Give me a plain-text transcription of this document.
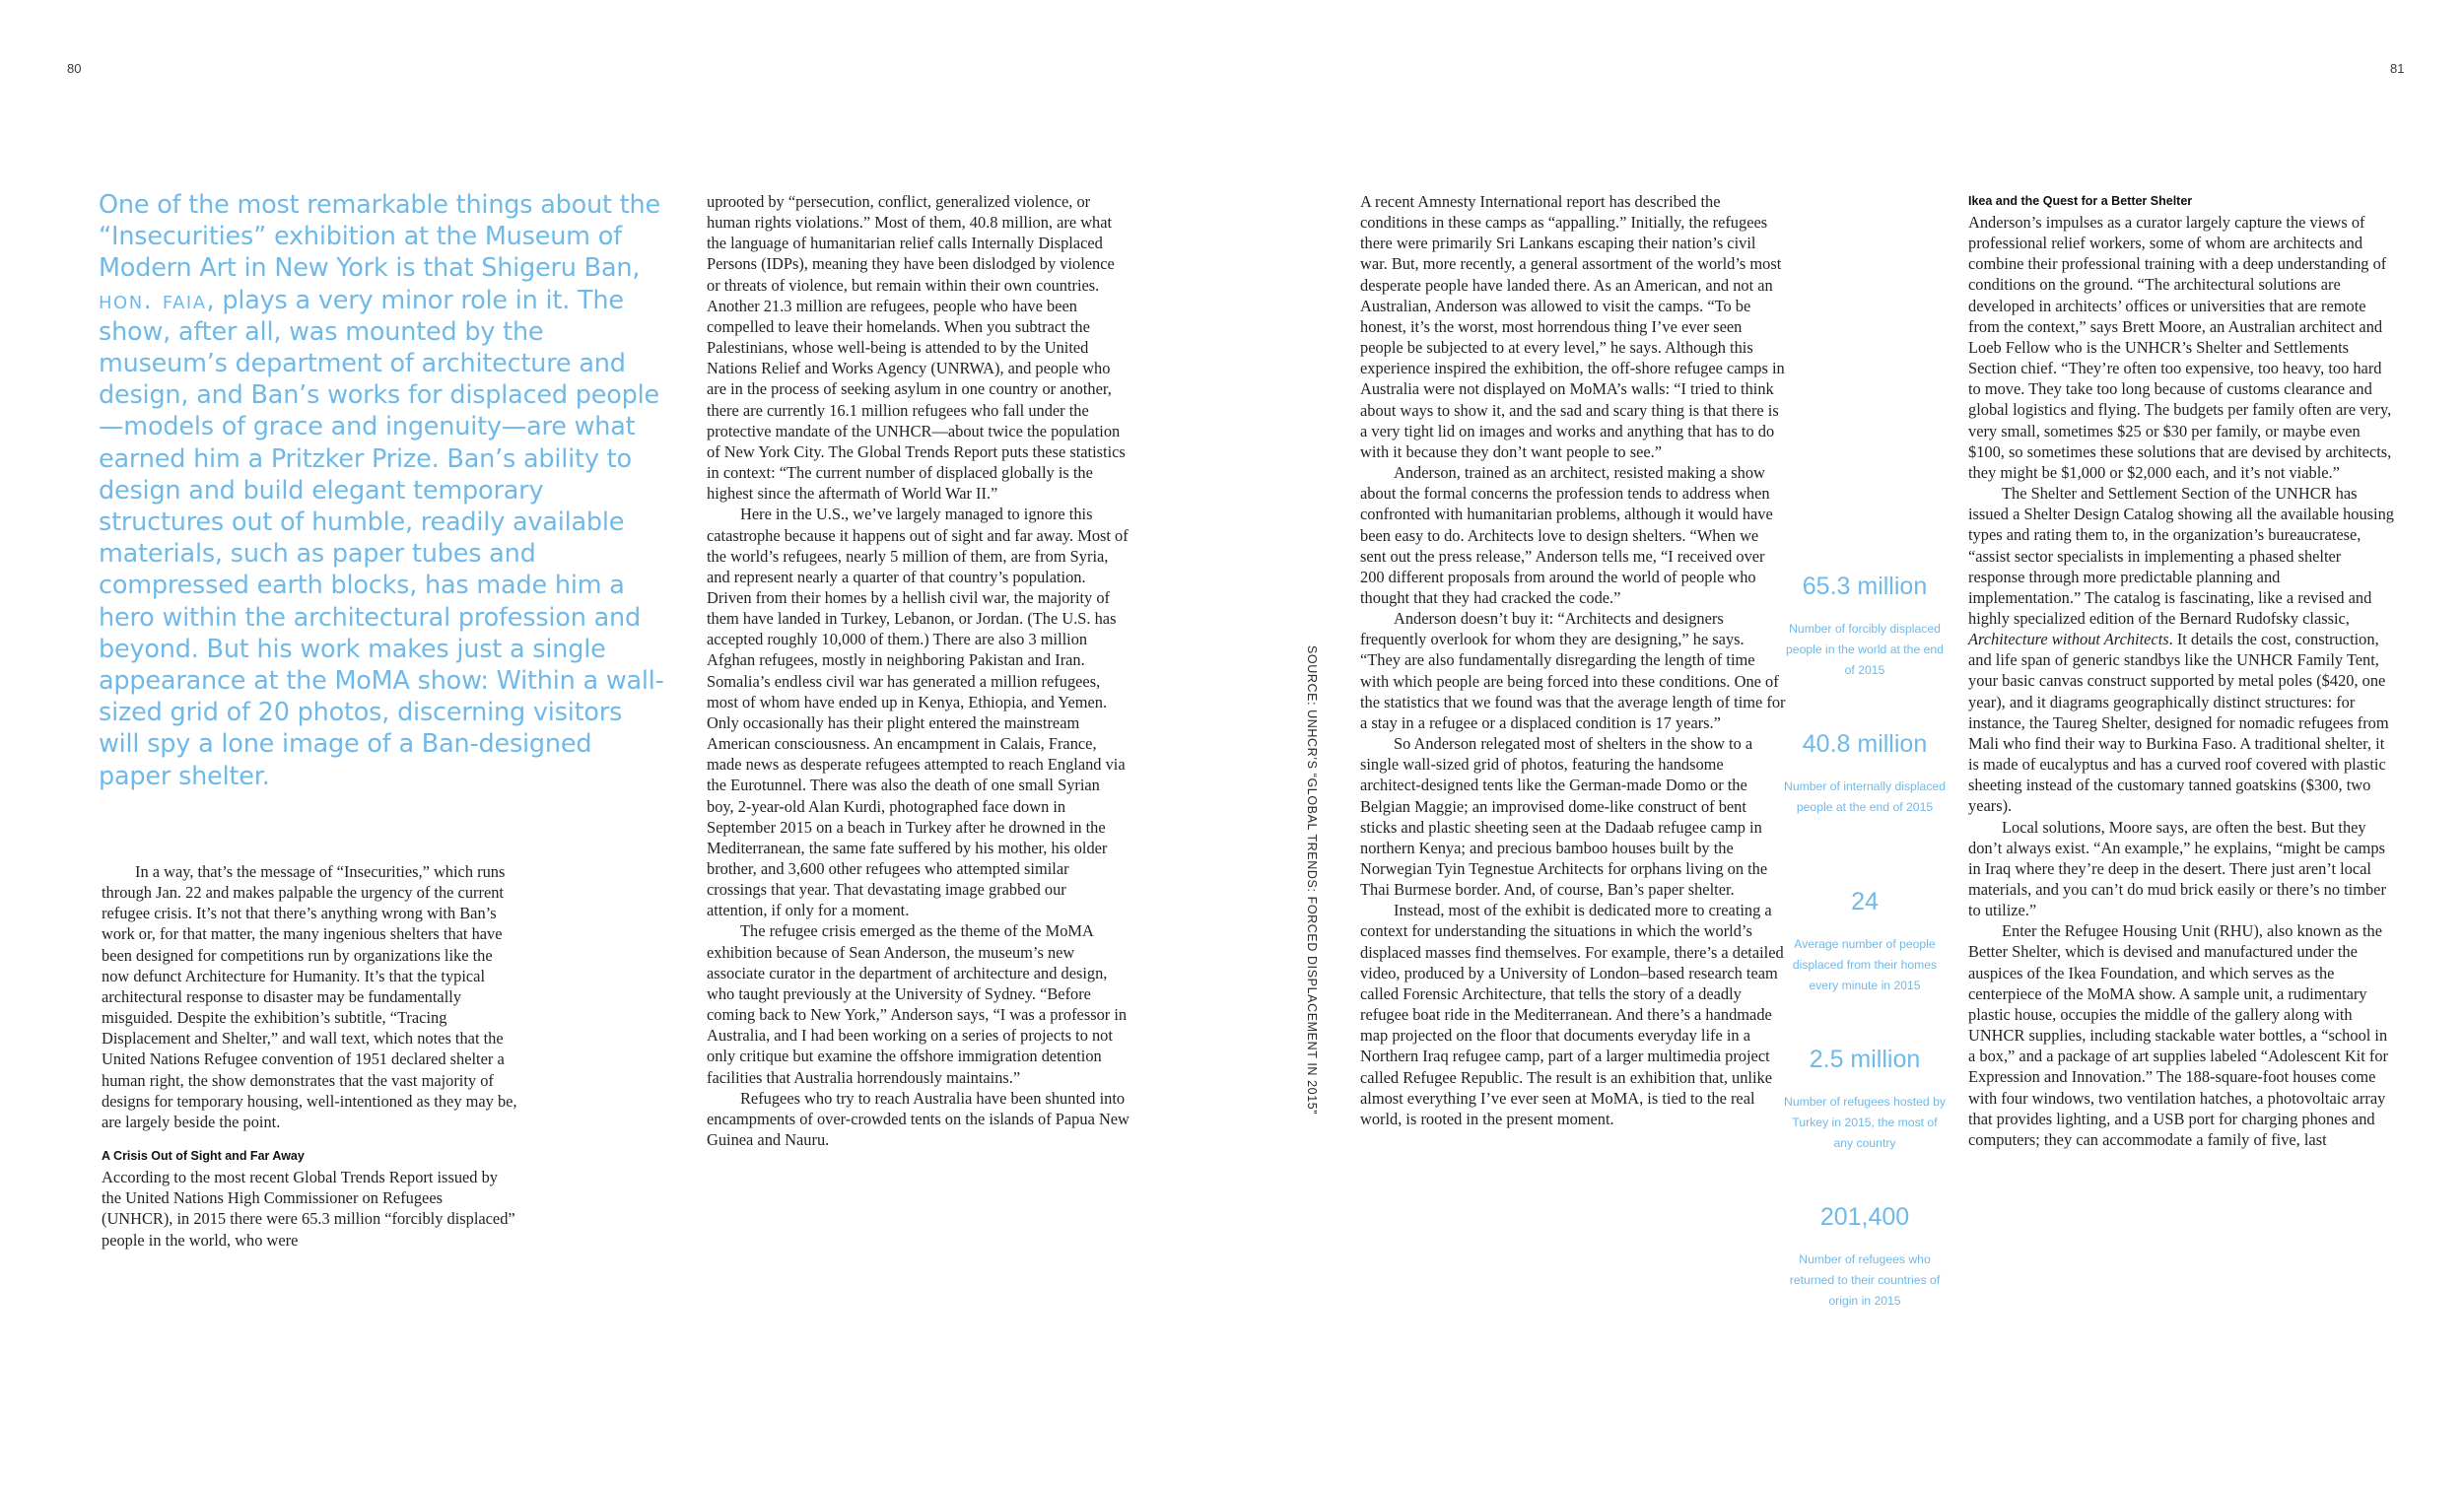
80	81
One of the most remarkable things about the “Insecurities” exhibition at the Museum of Modern Art in New York is that Shigeru Ban, hon. faia, plays a very minor role in it. The show, after all, was mounted by the museum’s department of architecture and design, and Ban’s works for displaced people—models of grace and ingenuity—are what earned him a Pritzker Prize. Ban’s ability to design and build elegant temporary structures out of humble, readily available materials, such as paper tubes and compressed earth blocks, has made him a hero within the architectural profession and beyond. But his work makes just a single appearance at the MoMA show: Within a wall-sized grid of 20 photos, discerning visitors will spy a lone image of a Ban-designed paper shelter.

In a way, that’s the message of “Insecurities,” which runs through Jan. 22 and makes palpable the urgency of the current refugee crisis. It’s not that there’s anything wrong with Ban’s work or, for that matter, the many ingenious shelters that have been designed for competitions run by organizations like the now defunct Architecture for Humanity. It’s that the typical architectural response to disaster may be fundamentally misguided. Despite the exhibition’s subtitle, “Tracing Displacement and Shelter,” and wall text, which notes that the United Nations Refugee convention of 1951 declared shelter a human right, the show demonstrates that the vast majority of designs for temporary housing, well-intentioned as they may be, are largely beside the point.

A Crisis Out of Sight and Far Away

According to the most recent Global Trends Report issued by the United Nations High Commissioner on Refugees (UNHCR), in 2015 there were 65.3 million “forcibly displaced” people in the world, who were

uprooted by “persecution, conflict, generalized violence, or human rights violations.” Most of them, 40.8 million, are what the language of humanitarian relief calls Internally Displaced Persons (IDPs), meaning they have been dislodged by violence or threats of violence, but remain within their own countries. Another 21.3 million are refugees, people who have been compelled to leave their homelands. When you subtract the Palestinians, whose well-being is attended to by the United Nations Relief and Works Agency (UNRWA), and people who are in the process of seeking asylum in one country or another, there are currently 16.1 million refugees who fall under the protective mandate of the UNHCR—about twice the population of New York City. The Global Trends Report puts these statistics in context: “The current number of displaced globally is the highest since the aftermath of World War II.”

Here in the U.S., we’ve largely managed to ignore this catastrophe because it happens out of sight and far away. Most of the world’s refugees, nearly 5 million of them, are from Syria, and represent nearly a quarter of that country’s population. Driven from their homes by a hellish civil war, the majority of them have landed in Turkey, Lebanon, or Jordan. (The U.S. has accepted roughly 10,000 of them.) There are also 3 million Afghan refugees, mostly in neighboring Pakistan and Iran. Somalia’s endless civil war has generated a million refugees, most of whom have ended up in Kenya, Ethiopia, and Yemen. Only occasionally has their plight entered the mainstream American consciousness. An encampment in Calais, France, made news as desperate refugees attempted to reach England via the Eurotunnel. There was also the death of one small Syrian boy, 2-year-old Alan Kurdi, photographed face down in September 2015 on a beach in Turkey after he drowned in the Mediterranean, the same fate suffered by his mother, his older brother, and 3,600 other refugees who attempted similar crossings that year. That devastating image grabbed our attention, if only for a moment.

The refugee crisis emerged as the theme of the MoMA exhibition because of Sean Anderson, the museum’s new associate curator in the department of architecture and design, who taught previously at the University of Sydney. “Before coming back to New York,” Anderson says, “I was a professor in Australia, and I had been working on a series of projects to not only critique but examine the offshore immigration detention facilities that Australia horrendously maintains.”

Refugees who try to reach Australia have been shunted into encampments of over-crowded tents on the islands of Papua New Guinea and Nauru.

SOURCE: UNHCR’S “GLOBAL TRENDS: FORCED DISPLACEMENT IN 2015”

A recent Amnesty International report has described the conditions in these camps as “appalling.” Initially, the refugees there were primarily Sri Lankans escaping their nation’s civil war. But, more recently, a general assortment of the world’s most desperate people have landed there. As an American, and not an Australian, Anderson was allowed to visit the camps. “To be honest, it’s the worst, most horrendous thing I’ve ever seen people be subjected to at every level,” he says. Although this experience inspired the exhibition, the off-shore refugee camps in Australia were not displayed on MoMA’s walls: “I tried to think about ways to show it, and the sad and scary thing is that there is a very tight lid on images and works and anything that has to do with it because they don’t want people to see.”

Anderson, trained as an architect, resisted making a show about the formal concerns the profession tends to address when confronted with humanitarian problems, although it would have been easy to do. Architects love to design shelters. “When we sent out the press release,” Anderson tells me, “I received over 200 different proposals from around the world of people who thought that they had cracked the code.”

Anderson doesn’t buy it: “Architects and designers frequently overlook for whom they are designing,” he says. “They are also fundamentally disregarding the length of time with which people are being forced into these conditions. One of the statistics that we found was that the average length of time for a stay in a refugee or a displaced condition is 17 years.”

So Anderson relegated most of shelters in the show to a single wall-sized grid of photos, featuring the handsome architect-designed tents like the German-made Domo or the Belgian Maggie; an improvised dome-like construct of bent sticks and plastic sheeting seen at the Dadaab refugee camp in northern Kenya; and precious bamboo houses built by the Norwegian Tyin Tegnestue Architects for orphans living on the Thai Burmese border. And, of course, Ban’s paper shelter.

Instead, most of the exhibit is dedicated more to creating a context for understanding the situations in which the world’s displaced masses find themselves. For example, there’s a detailed video, produced by a University of London–based research team called Forensic Architecture, that tells the story of a deadly refugee boat ride in the Mediterranean. And there’s a handmade map projected on the floor that documents everyday life in a Northern Iraq refugee camp, part of a larger multimedia project called Refugee Republic. The result is an exhibition that, unlike almost everything I’ve ever seen at MoMA, is tied to the real world, is rooted in the present moment.

65.3 million
Number of forcibly displaced people in the world at the end of 2015
40.8 million
Number of internally displaced people at the end of 2015
24
Average number of people displaced from their homes every minute in 2015
2.5 million
Number of refugees hosted by Turkey in 2015, the most of any country
201,400
Number of refugees who returned to their countries of origin in 2015
Ikea and the Quest for a Better Shelter

Anderson’s impulses as a curator largely capture the views of professional relief workers, some of whom are architects and combine their professional training with a deep understanding of conditions on the ground. “The architectural solutions are developed in architects’ offices or universities that are remote from the context,” says Brett Moore, an Australian architect and Loeb Fellow who is the UNHCR’s Shelter and Settlements Section chief. “They’re often too expensive, too heavy, too hard to move. They take too long because of customs clearance and global logistics and flying. The budgets per family often are very, very small, sometimes $25 or $30 per family, or maybe even $100, so sometimes these solutions that are devised by architects, they might be $1,000 or $2,000 each, and it’s not viable.”

The Shelter and Settlement Section of the UNHCR has issued a Shelter Design Catalog showing all the available housing types and rating them to, in the organization’s bureaucratese, “assist sector specialists in implementing a phased shelter response through more predictable planning and implementation.” The catalog is fascinating, like a revised and highly specialized edition of the Bernard Rudofsky classic, Architecture without Architects. It details the cost, construction, and life span of generic standbys like the UNHCR Family Tent, your basic canvas construct supported by metal poles ($420, one year), and it diagrams geographically distinct structures: for instance, the Taureg Shelter, designed for nomadic refugees from Mali who find their way to Burkina Faso. A traditional shelter, it is made of eucalyptus and has a curved roof covered with plastic sheeting instead of the customary tanned goatskins ($300, two years).

Local solutions, Moore says, are often the best. But they don’t always exist. “An example,” he explains, “might be camps in Iraq where they’re deep in the desert. There just aren’t local materials, and you can’t do mud brick easily or there’s no timber to utilize.”

Enter the Refugee Housing Unit (RHU), also known as the Better Shelter, which is devised and manufactured under the auspices of the Ikea Foundation, and which serves as the centerpiece of the MoMA show. A sample unit, a rudimentary plastic house, occupies the middle of the gallery along with UNHCR supplies, including stackable water bottles, a “school in a box,” and a package of art supplies labeled “Adolescent Kit for Expression and Innovation.” The 188-square-foot houses come with four windows, two ventilation hatches, a photovoltaic array that provides lighting, and a USB port for charging phones and computers; they can accommodate a family of five, last
